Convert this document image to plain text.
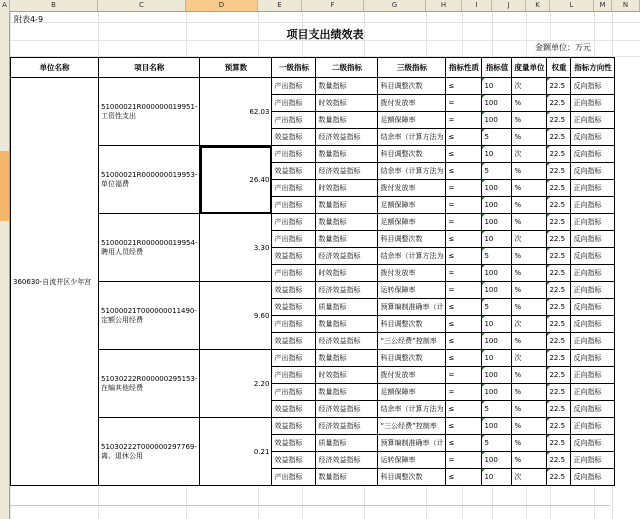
A	B	C	D	E	F	G	H	I	J	K	L	M	N
附表4-9
项目支出绩效表
金额单位：万元
单位名称	项目名称	预算数	一级指标	二级指标	三级指标	指标性质	指标值	度量单位	权重	指标方向性
360630-自流井区少年宫	51000021R000000019951-工资性支出	62.03	产出指标	数量指标	科目调整次数	≤	10	次	22.5	反向指标
			产出指标	时效指标	拨付发放率	=	100	%	22.5	正向指标
			产出指标	数量指标	足额保障率	=	100	%	22.5	正向指标
			效益指标	经济效益指标	结余率（计算方法为	≤	5	%	22.5	反向指标
	51000021R000000019953-单位福费	26.40	产出指标	数量指标	科目调整次数	≤	10	次	22.5	反向指标
			效益指标	经济效益指标	结余率（计算方法为	≤	5	%	22.5	反向指标
			产出指标	时效指标	拨付发放率	=	100	%	22.5	正向指标
			产出指标	数量指标	足额保障率	=	100	%	22.5	正向指标
	51000021R000000019954-聘用人员经费	3.30	产出指标	数量指标	足额保障率	=	100	%	22.5	正向指标
			产出指标	数量指标	科目调整次数	≤	10	次	22.5	反向指标
			效益指标	经济效益指标	结余率（计算方法为	≤	5	%	22.5	反向指标
			产出指标	时效指标	拨付发放率	=	100	%	22.5	正向指标
	51000021T000000011490-定额公用经费	9.60	效益指标	经济效益指标	运转保障率	=	100	%	22.5	正向指标
			效益指标	质量指标	预算编制准确率（计	≤	5	%	22.5	反向指标
			产出指标	数量指标	科目调整次数	≤	10	次	22.5	反向指标
			效益指标	经济效益指标	“三公经费”控制率	≤	100	%	22.5	正向指标
	51030222R000000295153-在编其他经费	2.20	产出指标	数量指标	科目调整次数	≤	10	次	22.5	反向指标
			产出指标	时效指标	拨付发放率	=	100	%	22.5	正向指标
			产出指标	数量指标	足额保障率	=	100	%	22.5	正向指标
			效益指标	经济效益指标	结余率（计算方法为	≤	5	%	22.5	反向指标
	51030222T000000297769-离、退休公用	0.21	效益指标	经济效益指标	“三公经费”控制率	≤	100	%	22.5	正向指标
			效益指标	质量指标	预算编制准确率（计	≤	5	%	22.5	反向指标
			效益指标	经济效益指标	运转保障率	=	100	%	22.5	正向指标
			产出指标	数量指标	科目调整次数	≤	10	次	22.5	反向指标
